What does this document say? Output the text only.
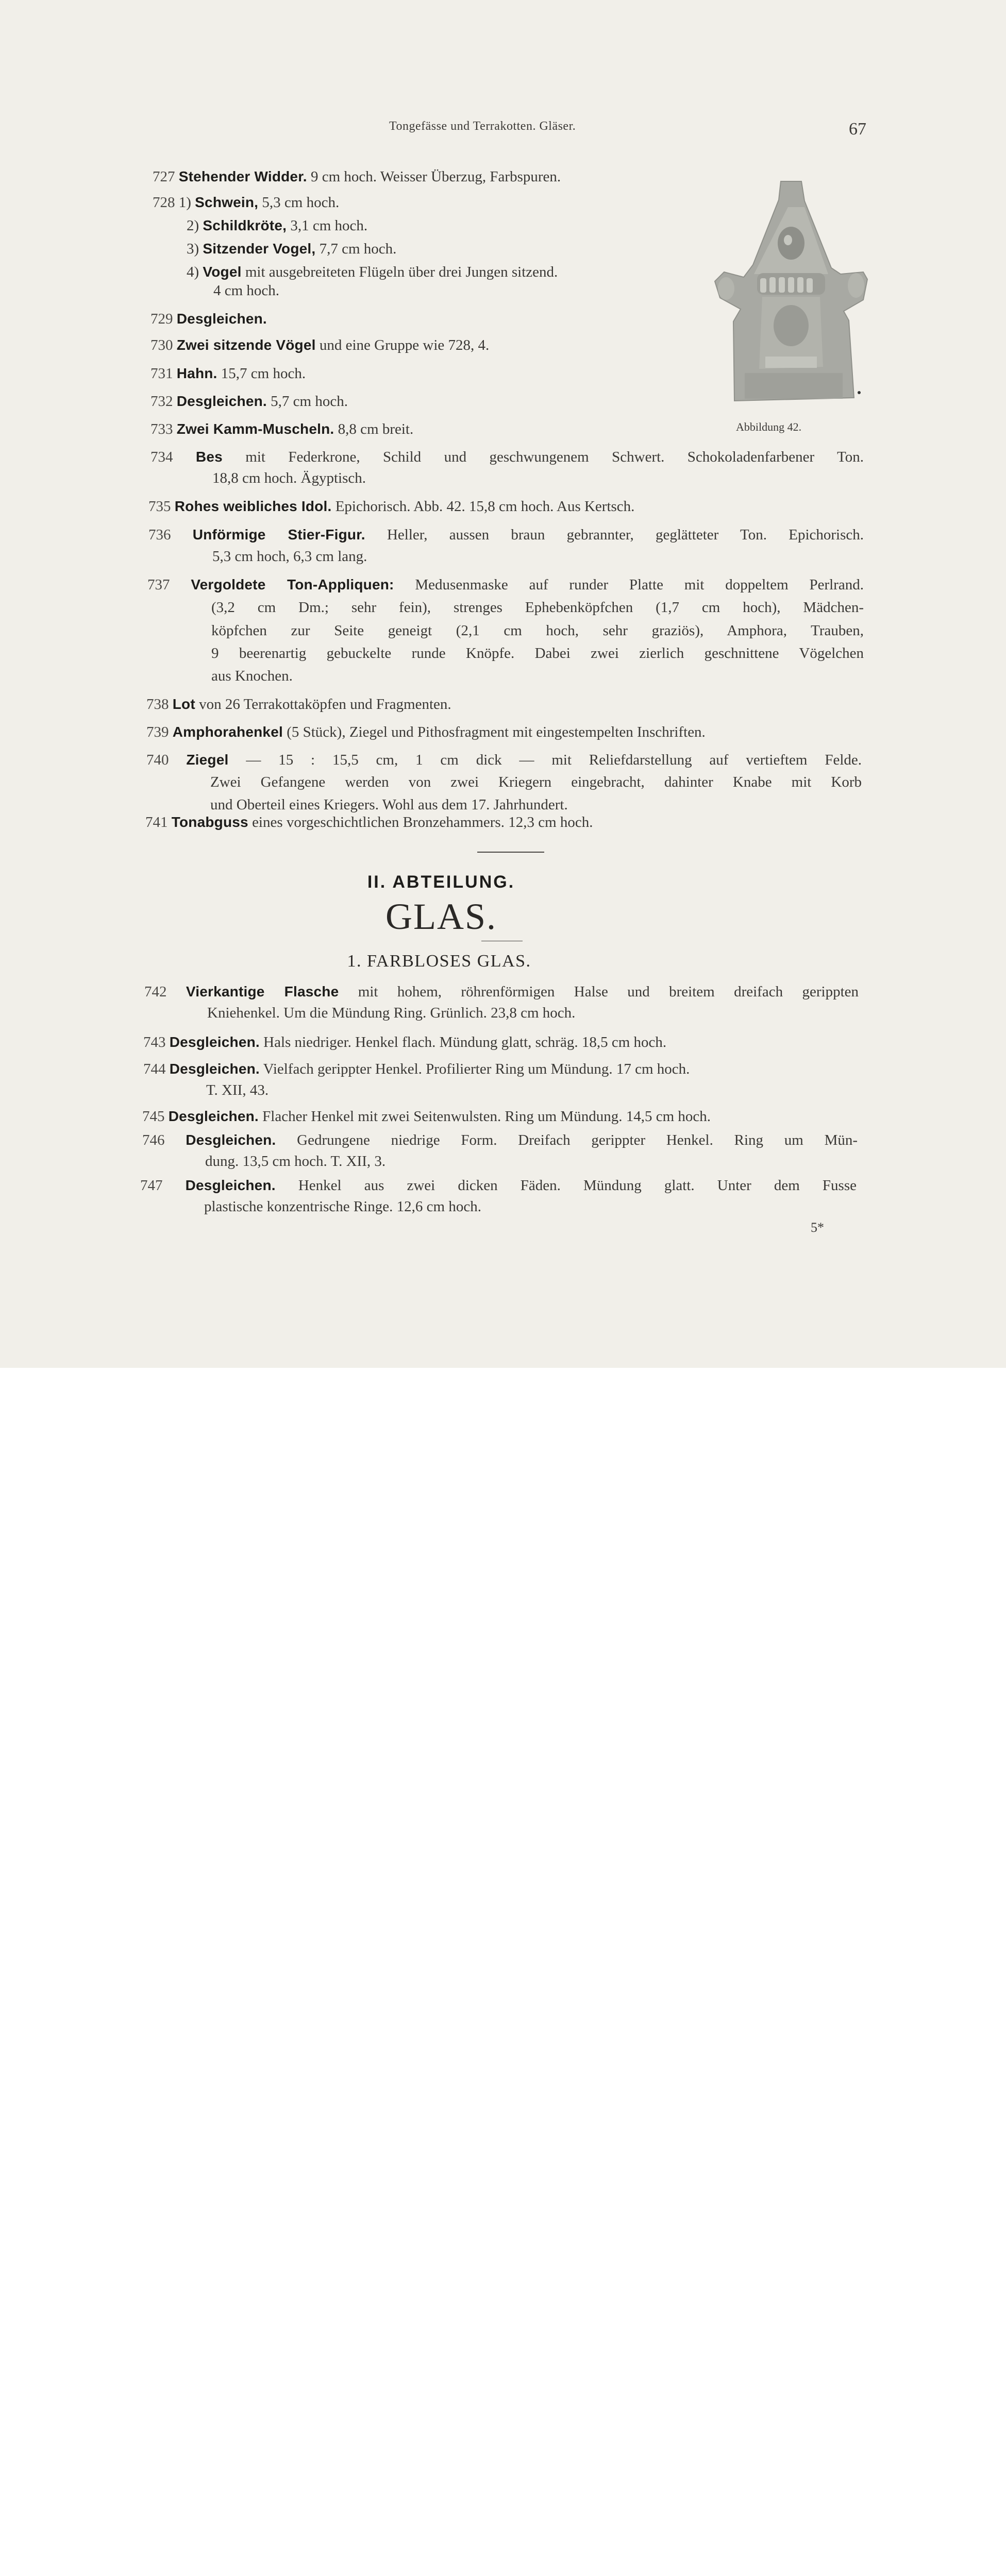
Tongefässe und Terrakotten. Gläser.	67
727 Stehender Widder. 9 cm hoch. Weisser Überzug, Farbspuren.
728 1) Schwein, 5,3 cm hoch.
2) Schildkröte, 3,1 cm hoch.
3) Sitzender Vogel, 7,7 cm hoch.
4) Vogel mit ausgebreiteten Flügeln über drei Jungen sitzend.
4 cm hoch.
729 Desgleichen.
730 Zwei sitzende Vögel und eine Gruppe wie 728, 4.
731 Hahn. 15,7 cm hoch.
732 Desgleichen. 5,7 cm hoch.
733 Zwei Kamm-Muscheln. 8,8 cm breit.	Abbildung 42.
734 Bes mit Federkrone, Schild und geschwungenem Schwert. Schokoladenfarbener Ton.
18,8 cm hoch. Ägyptisch.
735 Rohes weibliches Idol. Epichorisch. Abb. 42. 15,8 cm hoch. Aus Kertsch.
736 Unförmige Stier-Figur. Heller, aussen braun gebrannter, geglätteter Ton. Epichorisch.
5,3 cm hoch, 6,3 cm lang.
737 Vergoldete Ton-Appliquen: Medusenmaske auf runder Platte mit doppeltem Perlrand.
(3,2 cm Dm.; sehr fein), strenges Ephebenköpfchen (1,7 cm hoch), Mädchen-
köpfchen zur Seite geneigt (2,1 cm hoch, sehr graziös), Amphora, Trauben,
9 beerenartig gebuckelte runde Knöpfe. Dabei zwei zierlich geschnittene Vögelchen
aus Knochen.
738 Lot von 26 Terrakottaköpfen und Fragmenten.
739 Amphorahenkel (5 Stück), Ziegel und Pithosfragment mit eingestempelten Inschriften.
740 Ziegel — 15 : 15,5 cm, 1 cm dick — mit Reliefdarstellung auf vertieftem Felde.
Zwei Gefangene werden von zwei Kriegern eingebracht, dahinter Knabe mit Korb
und Oberteil eines Kriegers. Wohl aus dem 17. Jahrhundert.
741 Tonabguss eines vorgeschichtlichen Bronzehammers. 12,3 cm hoch.
II. ABTEILUNG.
GLAS.
1. FARBLOSES GLAS.
742 Vierkantige Flasche mit hohem, röhrenförmigen Halse und breitem dreifach gerippten
Kniehenkel. Um die Mündung Ring. Grünlich. 23,8 cm hoch.
743 Desgleichen. Hals niedriger. Henkel flach. Mündung glatt, schräg. 18,5 cm hoch.
744 Desgleichen. Vielfach gerippter Henkel. Profilierter Ring um Mündung. 17 cm hoch.
T. XII, 43.
745 Desgleichen. Flacher Henkel mit zwei Seitenwulsten. Ring um Mündung. 14,5 cm hoch.
746 Desgleichen. Gedrungene niedrige Form. Dreifach gerippter Henkel. Ring um Mün-
dung. 13,5 cm hoch. T. XII, 3.
747 Desgleichen. Henkel aus zwei dicken Fäden. Mündung glatt. Unter dem Fusse
plastische konzentrische Ringe. 12,6 cm hoch.
5*
